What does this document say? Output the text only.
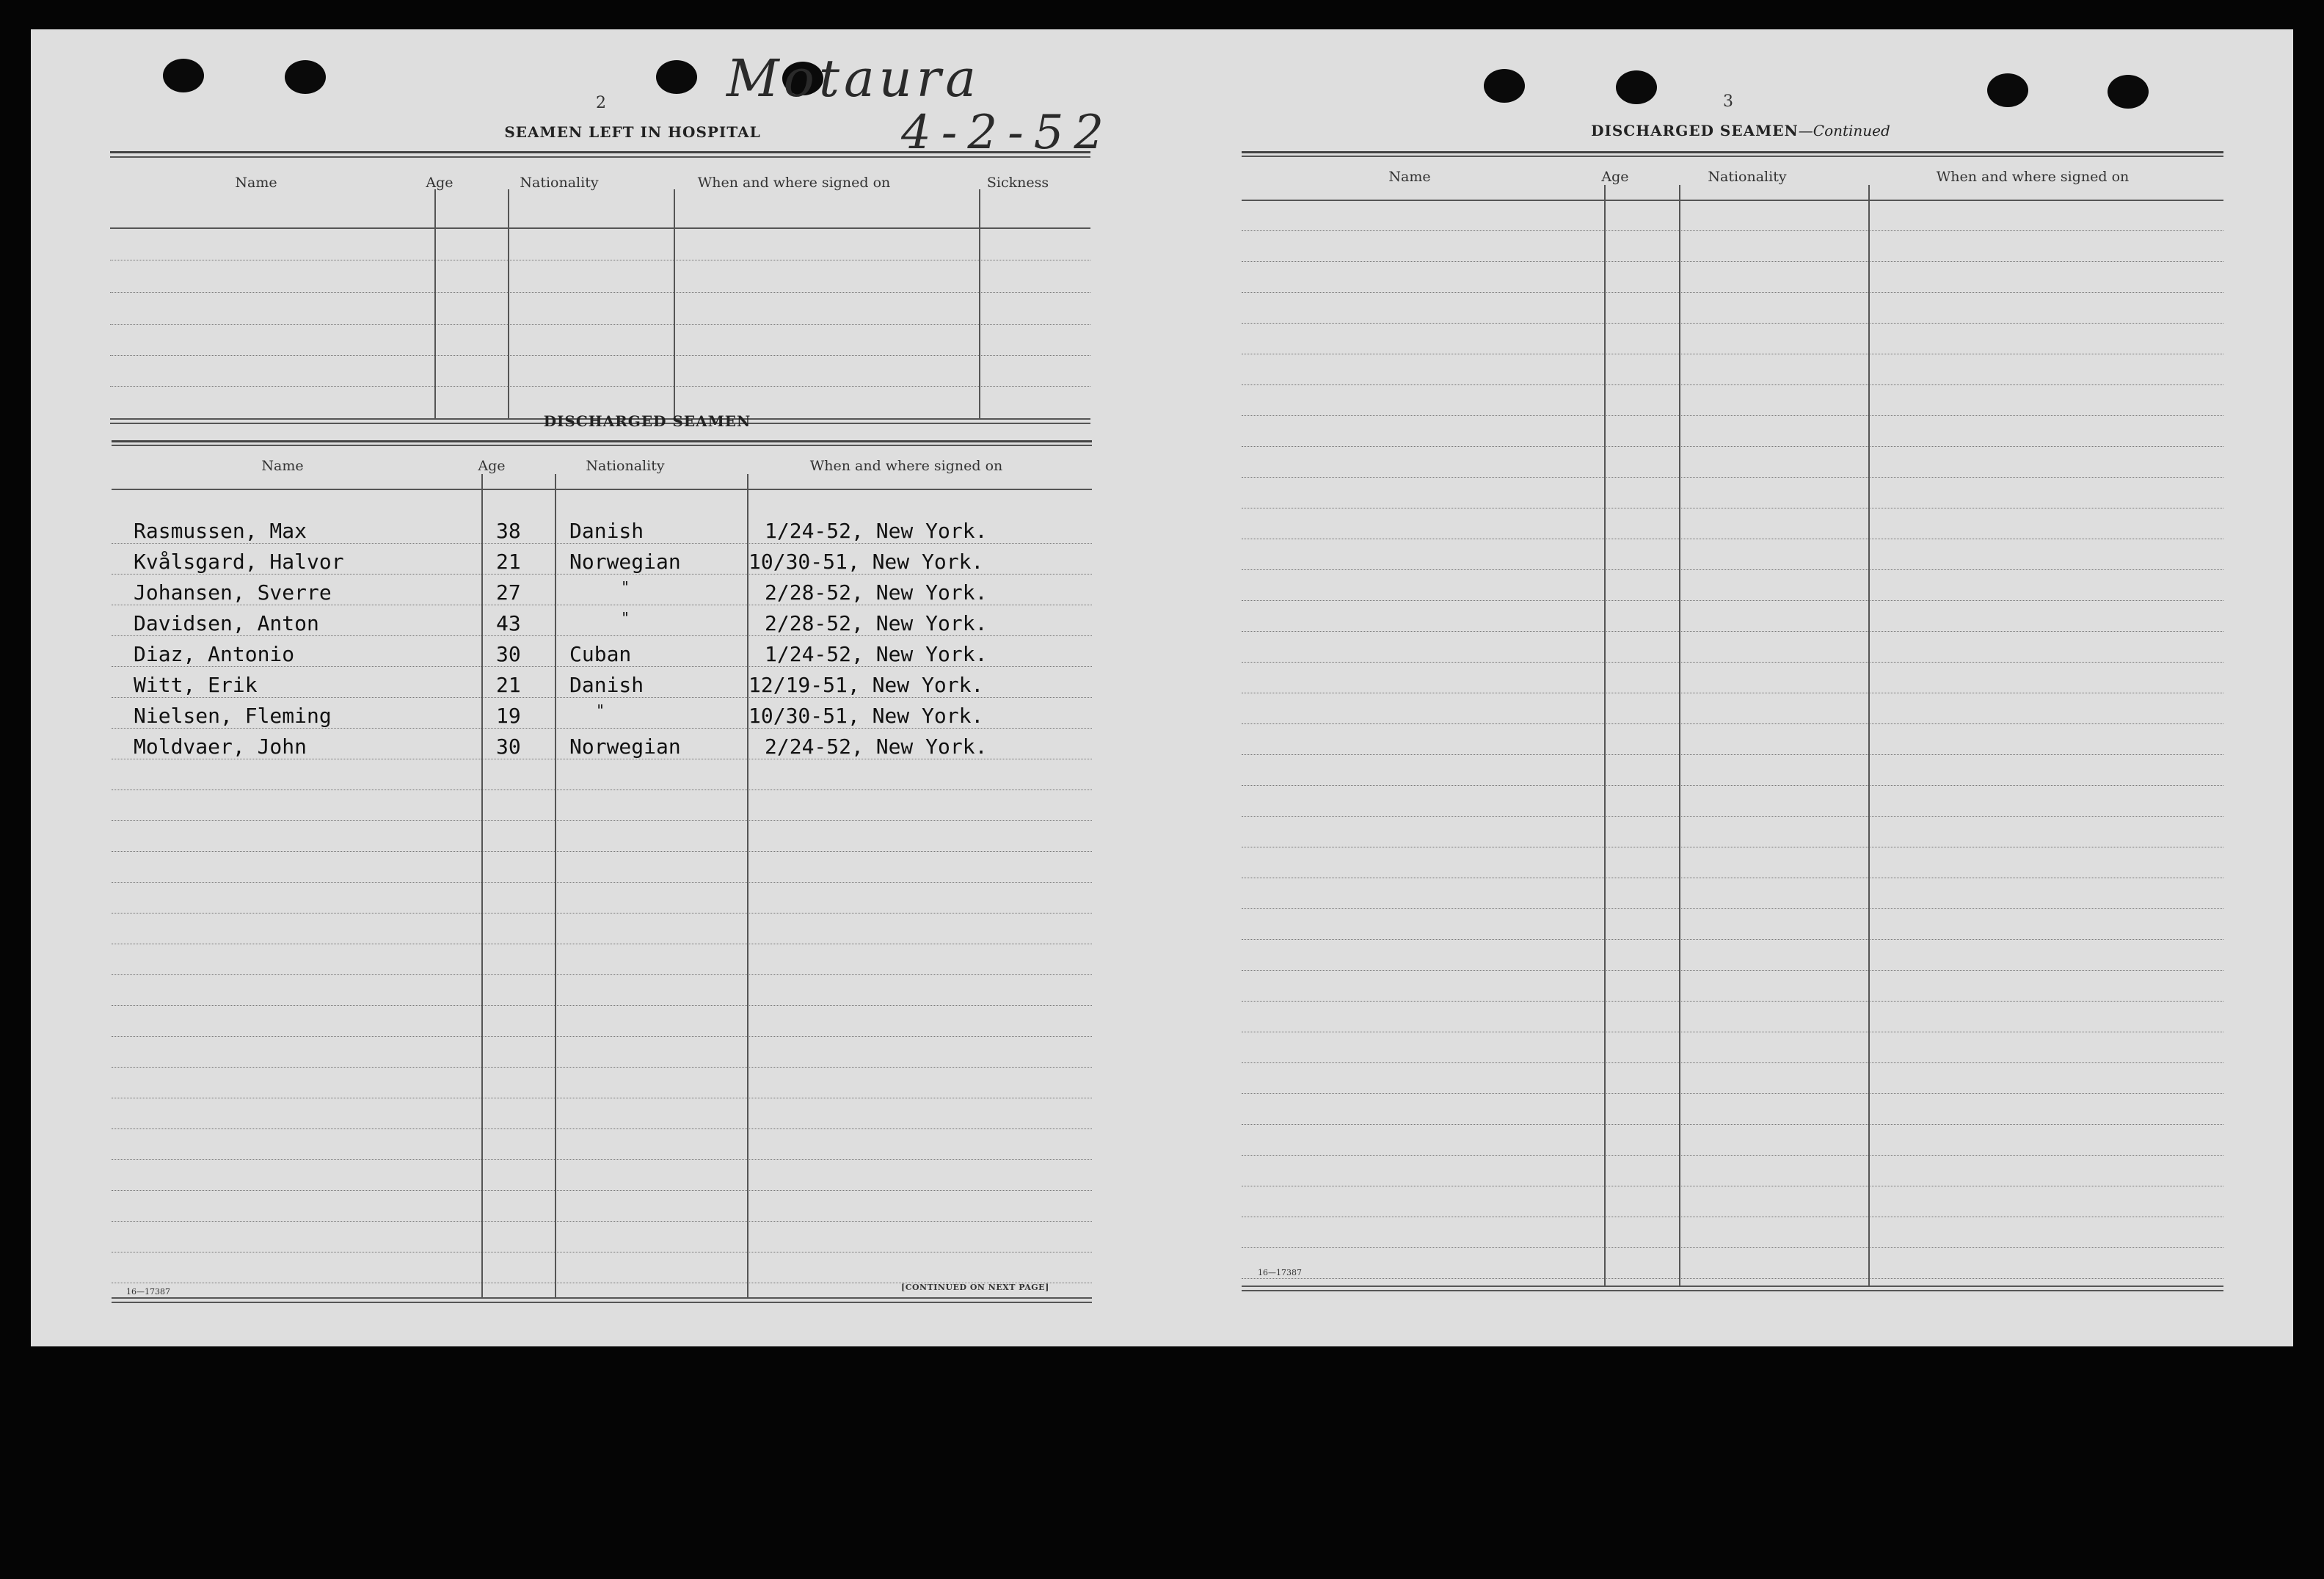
2 Motaura
4-2-52
SEAMEN LEFT IN HOSPITAL
Name	Age	Nationality	When and where signed on	Sickness
DISCHARGED SEAMEN
Name	Age	Nationality	When and where signed on
Rasmussen, Max	38 Danish	1/24-52, New York.
Kvålsgard, Halvor	21 Norwegian	10/30-51, New York.
Johansen, Sverre	27	"	2/28-52, New York.
Davidsen, Anton	43	"	2/28-52, New York.
Diaz, Antonio	30 Cuban	1/24-52, New York.
Witt, Erik	21 Danish	12/19-51, New York.
Nielsen, Fleming	19	"	10/30-51, New York.
Moldvaer, John	30 Norwegian	2/24-52, New York.
16—17387	[CONTINUED ON NEXT PAGE]
3
DISCHARGED SEAMEN—Continued
Name	Age	Nationality	When and where signed on
16—17387
